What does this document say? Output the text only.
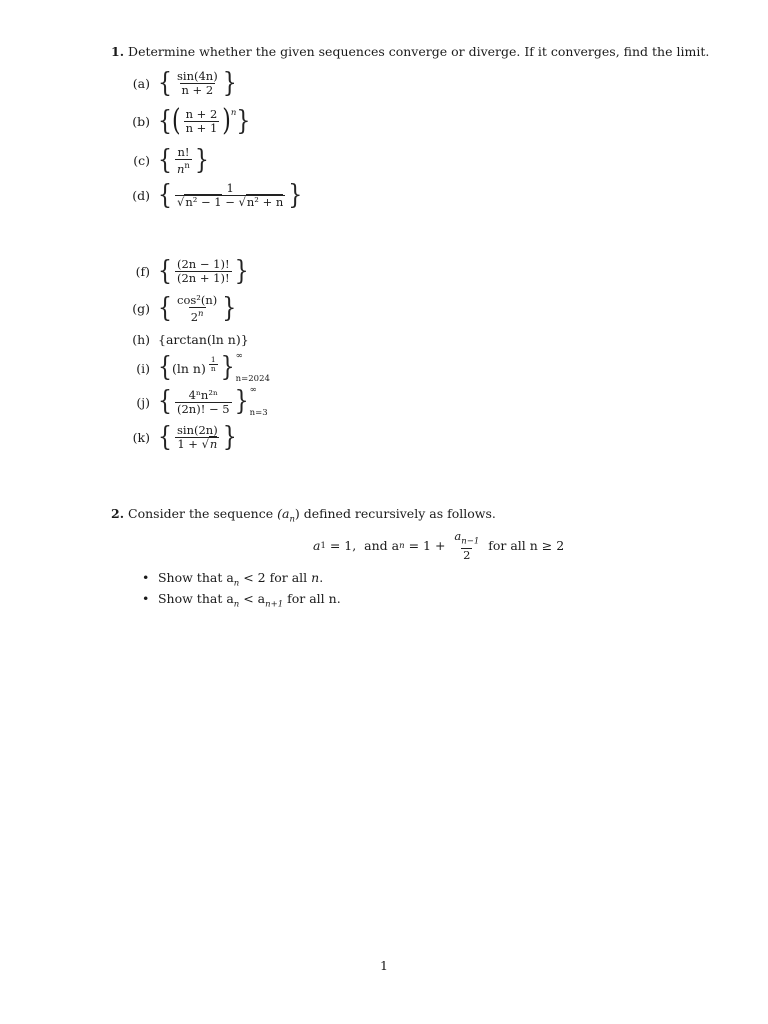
1. Determine whether the given sequences converge or diverge. If it converges, find the limit.
(a) { $\frac{\sin(4n)}{n + 2}$ }
(b) { ( $\frac{n + 2}{n + 1}$ ) n }
(c) { $\frac{n!}{n^n}$ }
(d) { $\frac{1}{\text{√n² − 1 − √n² + n}}$ }
(f) { $\frac{(2n - 1)!}{(2n + 1)!}$ }
(g) { $\frac{\text{cos²(n)}}{2^n}$ }
(h) {arctan(ln n)}
(i) { (ln $n) \frac{1}{n}$ } ∞
n=2024
(j) { $\frac{\text{4ⁿn²ⁿ}}{(2n)! - 5}$ } ∞
n=3
(k) { $\frac{\sin(2n)}{1 + √n}$ }
2. Consider the sequence $(a_n)$ defined recursively as follows.
a 1 = 1,  and a $n = 1 + \frac{a_{n-1}}{2}$ for all n ≥ 2
• Show that $a_n < 2$ for all n.
• Show that $a_n < a_{n+1}$ for all n.
1
